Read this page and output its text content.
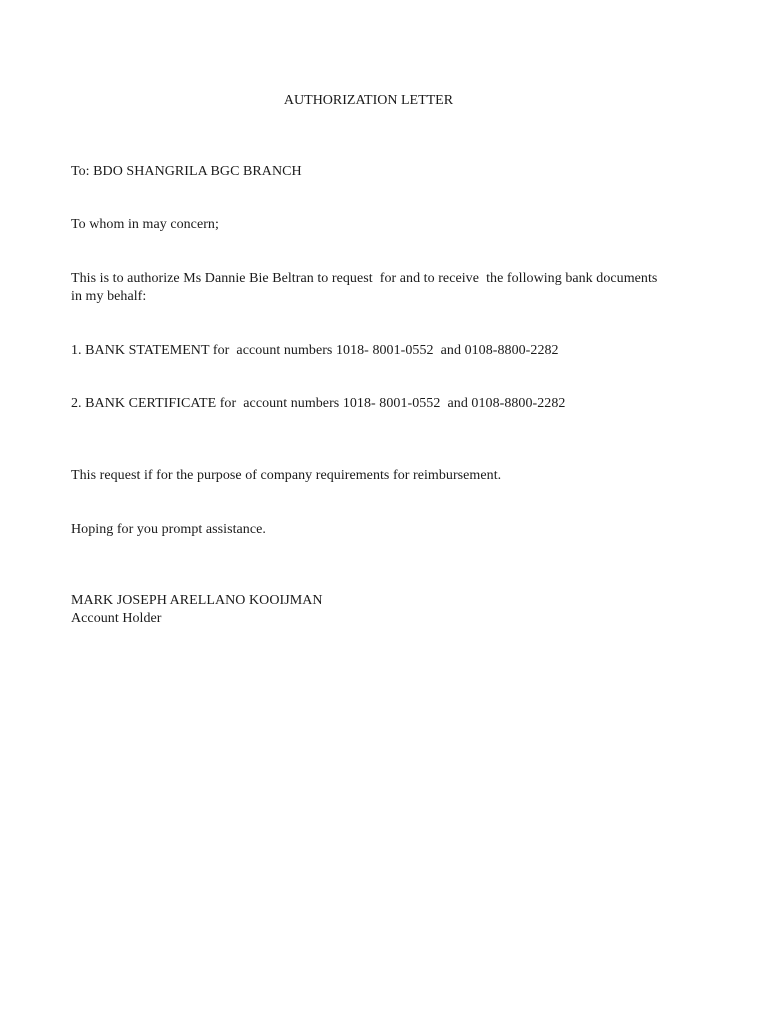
AUTHORIZATION LETTER
To: BDO SHANGRILA BGC BRANCH
To whom in may concern;
This is to authorize Ms Dannie Bie Beltran to request  for and to receive  the following bank documents
in my behalf:
1. BANK STATEMENT for  account numbers 1018- 8001-0552  and 0108-8800-2282
2. BANK CERTIFICATE for  account numbers 1018- 8001-0552  and 0108-8800-2282
This request if for the purpose of company requirements for reimbursement.
Hoping for you prompt assistance.
MARK JOSEPH ARELLANO KOOIJMAN
Account Holder
